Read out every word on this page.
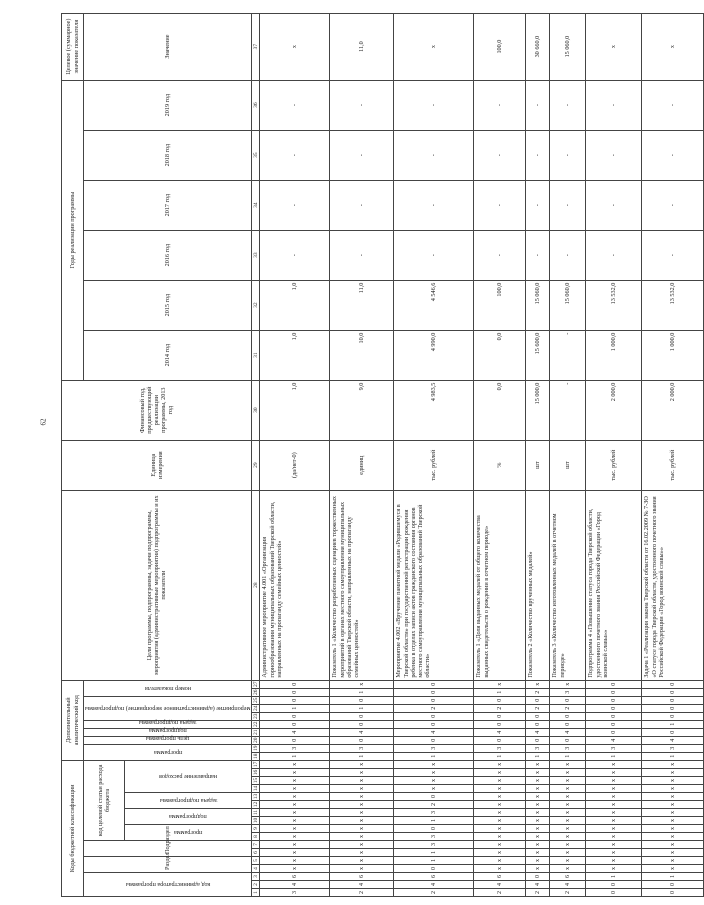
62
Коды бюджетной классификации																	Дополнительный аналитический код										Цели программы, подпрограммы, задачи подпрограммы, мероприятия (административные мероприятия) подпрограммы и их показатели	Единица измерения	Финансовый год, предшествующий реализации программы, 2013 год	Годы реализации программы						Целевое (суммарное) значение показателя

код администратора программы			Раздел		Подраздел		код целевой статьи расхода бюджета										программа		цель программы	подпрограмма	задача подпрограммы	мероприятие (административное мероприятие) подпрограммы			номер показателя					2014 год	2015 год	2016 год	2017 год	2018 год	2019 год	Значение

							программа		подпрограмма		задача подпрограммы		направление расходов																							

1	2	3	4	5	6	7	8	9	10	11	12	13	14	15	16	17	18	19	20	21	22	23	24	25	26	27	28	29	30	31	32	33	34	35	36	37
3	4	6	х	х	х	х	х	х	х	х	х	х	х	х	х	х	1	3	0	4	0	0	1	0	0	0	Административное мероприятие 4.001 «Организация горнообразования муниципальных образований Тверской области, направленных на пропаганду семейных ценностей»	(да/нет-0)	1,0	1,0	1,0	-	-	-	-	х
2	4	6	х	х	х	х	х	х	х	х	х	х	х	х	х	х	1	3	0	4	0	0	1	0	1	х	Показатель 1 «Количество разработанных сценариев торжественных мероприятий в органах местного самоуправления муниципальных образований Тверской области, направленных на пропаганду семейных ценностей»	единиц	9,0	10,0	11,0	-	-	-	-	11,0
2	4	6	0	1	1	3	3	0	1	3	2	0	х	х	х	х	1	3	0	4	0	0	2	0	0	0	Мероприятие 4.002 «Вручение памятной медали «Родившемуся в Тверской области» при государственной регистрации рождения ребенка в отделах записи актов гражданского состояния органов местного самоуправления муниципальных образований Тверской области»	тыс. рублей	4 983,5	4 990,0	4 546,6	-	-	-	-	х
2	4	6	х	х	х	х	х	х	х	х	х	х	х	х	х	х	1	3	0	4	0	0	2	0	1	х	Показатель 1 «Доля выданных медалей от общего количества выданных свидетельств о рождении в отчетном периоде»	%	0,0	0,0	100,0	-	-	-	-	100,0
2	4	0	х	х	х	х	х	х	х	х	х	х	х	х	х	х	1	3	0	4	0	0	2	0	2	х	Показатель 2 «Количество врученных медалей»	шт	15 000,0	15 600,0	15 060,0	-	-	-	-	30 660,0
2	4	6	х	х	х	х	х	х	х	х	х	х	х	х	х	х	1	3	0	4	0	0	2	0	3	х	Показатель 3 «Количество изготовленных медалей в отчетном периоде»	шт	-	-	15 060,0	-	-	-	-	15 060,0
0	0	1	х	х	х	х	х	х	х	х	х	х	х	х	х	х	1	3	4	0	0	0	0	0	0	0	Подпрограмма 4 «Повышение статуса города Тверской области, удостоенного почетного звания Российской Федерации «Город воинской славы»»	тыс. рублей	2 000,0	1 000,0	13 532,0	-	-	-	-	х
0	0	1	х	х	х	х	х	х	х	х	х	х	х	х	х	х	1	3	4	0	1	0	0	0	0	0	Задача 1 «Реализация закона Тверской области от 16.02.2009 № 7-ЗО «О статусе города Тверской области, удостоенного почетного звания Российской Федерации «Город воинской славы»»	тыс. рублей	2 000,0	1 000,0	13 532,0	-	-	-	-	х
